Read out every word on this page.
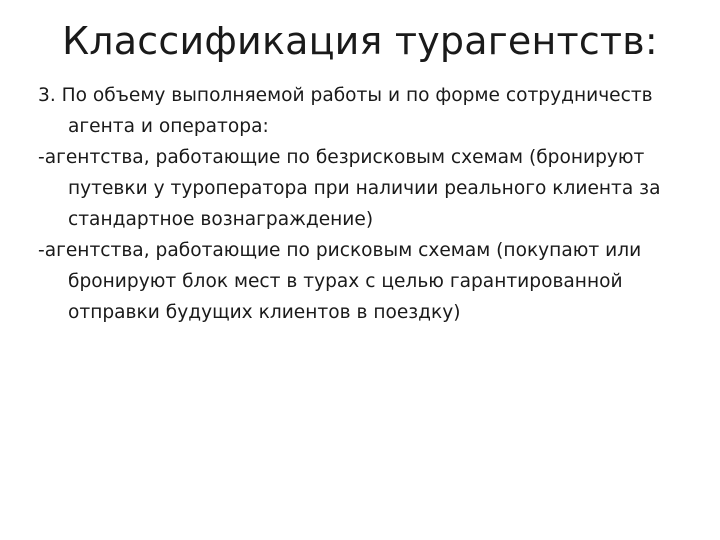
Классификация турагентств:

3. По объему выполняемой работы и по форме сотрудничеств агента и оператора:

-агентства, работающие по безрисковым схемам (бронируют путевки у туроператора при наличии реального клиента за стандартное вознаграждение)

-агентства, работающие по рисковым схемам (покупают или бронируют блок мест в турах с целью гарантированной отправки будущих клиентов в поездку)
